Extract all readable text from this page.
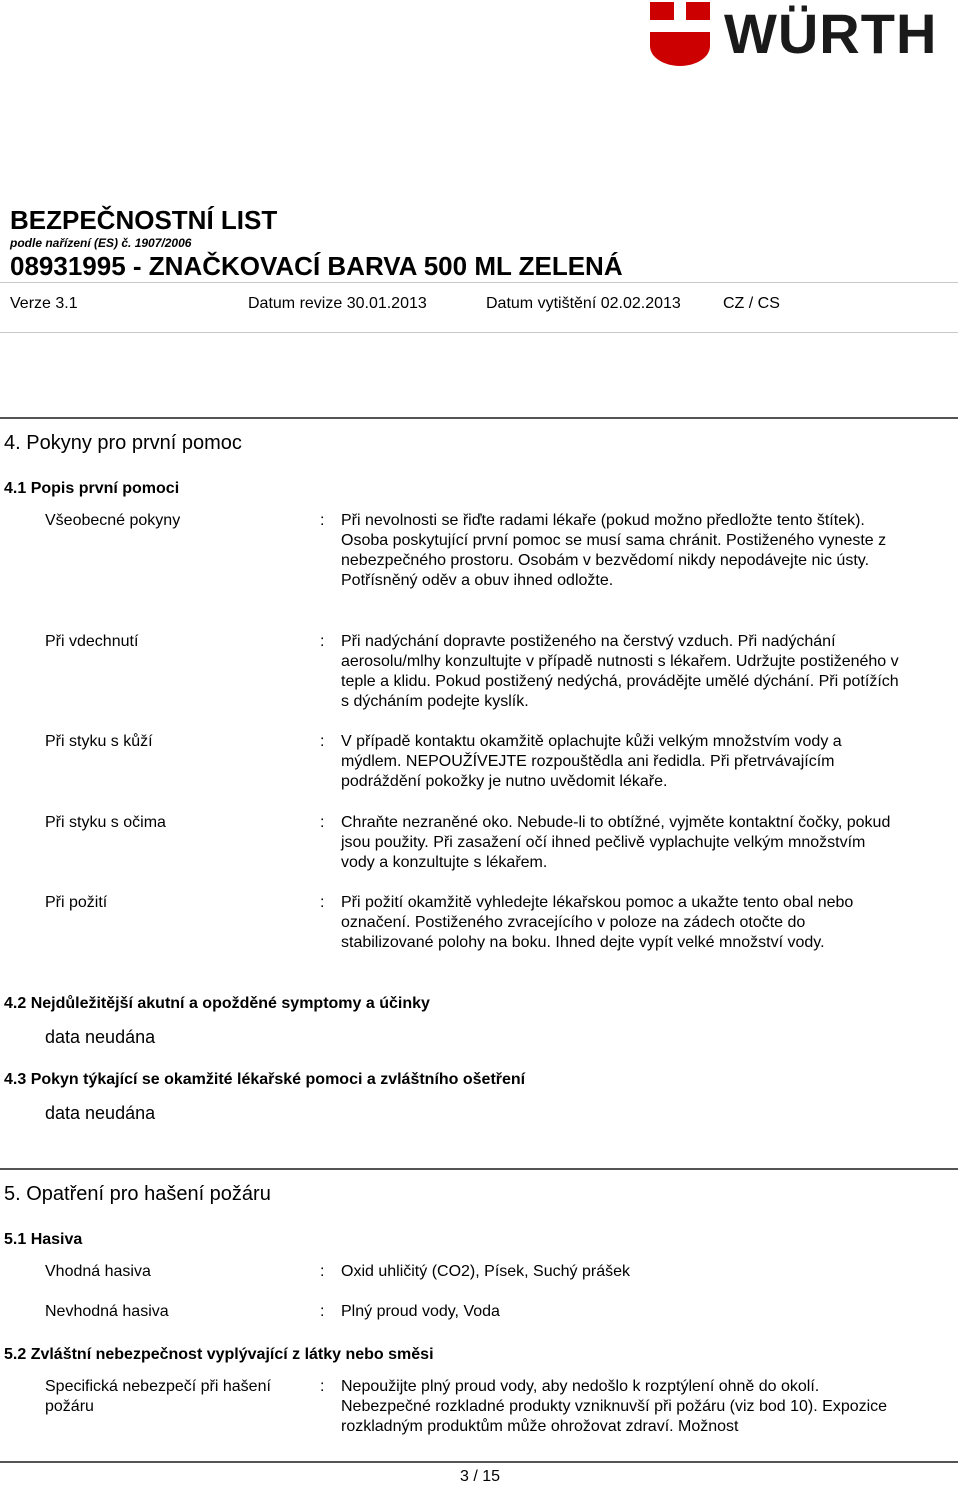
WÜRTH
BEZPEČNOSTNÍ LIST
podle nařízení (ES) č. 1907/2006
08931995 - ZNAČKOVACÍ BARVA 500 ML ZELENÁ
Verze 3.1	Datum revize 30.01.2013	Datum vytištění 02.02.2013	CZ / CS
4. Pokyny pro první pomoc
4.1 Popis první pomoci
Všeobecné pokyny	: Při nevolnosti se řiďte radami lékaře (pokud možno předložte tento štítek). Osoba poskytující první pomoc se musí sama chránit. Postiženého vyneste z nebezpečného prostoru. Osobám v bezvědomí nikdy nepodávejte nic ústy. Potřísněný oděv a obuv ihned odložte.
Při vdechnutí	: Při nadýchání dopravte postiženého na čerstvý vzduch. Při nadýchání aerosolu/mlhy konzultujte v případě nutnosti s lékařem. Udržujte postiženého v teple a klidu. Pokud postižený nedýchá, provádějte umělé dýchání. Při potížích s dýcháním podejte kyslík.
Při styku s kůží	: V případě kontaktu okamžitě oplachujte kůži velkým množstvím vody a mýdlem. NEPOUŽÍVEJTE rozpouštědla ani ředidla. Při přetrvávajícím podráždění pokožky je nutno uvědomit lékaře.
Při styku s očima	: Chraňte nezraněné oko. Nebude-li to obtížné, vyjměte kontaktní čočky, pokud jsou použity. Při zasažení očí ihned pečlivě vyplachujte velkým množstvím vody a konzultujte s lékařem.
Při požití	: Při požití okamžitě vyhledejte lékařskou pomoc a ukažte tento obal nebo označení. Postiženého zvracejícího v poloze na zádech otočte do stabilizované polohy na boku. Ihned dejte vypít velké množství vody.
4.2 Nejdůležitější akutní a opožděné symptomy a účinky
data neudána
4.3 Pokyn týkající se okamžité lékařské pomoci a zvláštního ošetření
data neudána
5. Opatření pro hašení požáru
5.1 Hasiva
Vhodná hasiva	: Oxid uhličitý (CO2), Písek, Suchý prášek
Nevhodná hasiva	: Plný proud vody, Voda
5.2 Zvláštní nebezpečnost vyplývající z látky nebo směsi
Specifická nebezpečí při hašení požáru
: Nepoužijte plný proud vody, aby nedošlo k rozptýlení ohně do okolí. Nebezpečné rozkladné produkty vzniknuvší při požáru (viz bod 10). Expozice rozkladným produktům může ohrožovat zdraví. Možnost
3 / 15
